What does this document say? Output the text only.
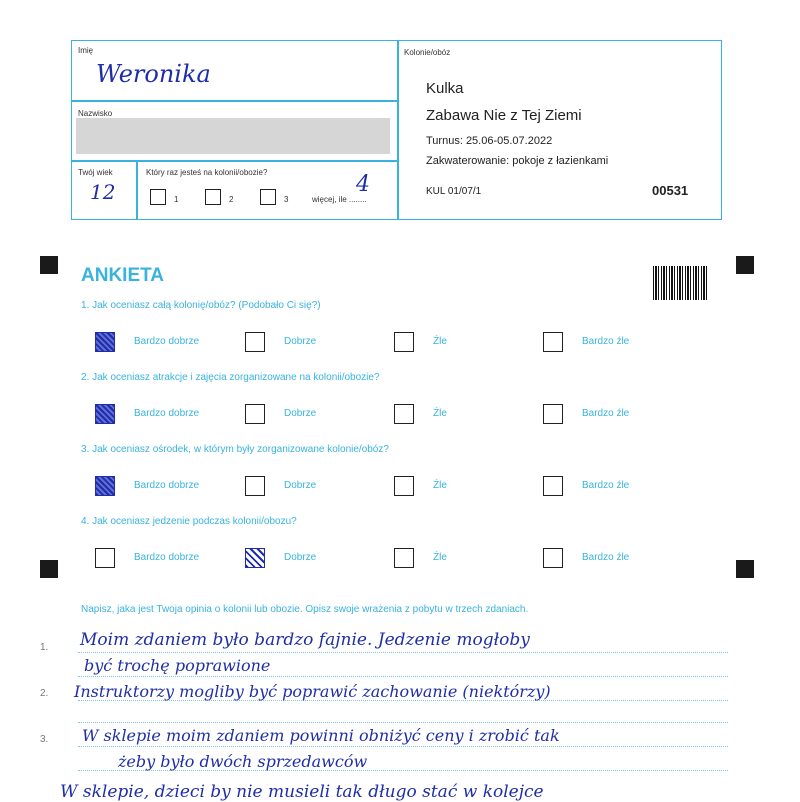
Imię
Weronika
Nazwisko
Twój wiek
12
Który raz jesteś na kolonii/obozie?
1	2	3	więcej, ile ........
4
Kolonie/obóz
Kulka
Zabawa Nie z Tej Ziemi
Turnus: 25.06-05.07.2022
Zakwaterowanie: pokoje z łazienkami
KUL 01/07/1	00531
ANKIETA
1. Jak oceniasz całą kolonię/obóz? (Podobało Ci się?)
Bardzo dobrze	Dobrze	Źle	Bardzo źle
2. Jak oceniasz atrakcje i zajęcia zorganizowane na kolonii/obozie?
Bardzo dobrze	Dobrze	Źle	Bardzo źle
3. Jak oceniasz ośrodek, w którym były zorganizowane kolonie/obóz?
Bardzo dobrze	Dobrze	Źle	Bardzo źle
4. Jak oceniasz jedzenie podczas kolonii/obozu?
Bardzo dobrze	Dobrze	Źle	Bardzo źle
Napisz, jaka jest Twoja opinia o kolonii lub obozie. Opisz swoje wrażenia z pobytu w trzech zdaniach.
1.
2.
3.
Moim zdaniem było bardzo fajnie. Jedzenie mogłoby
być trochę poprawione
Instruktorzy mogliby być poprawić zachowanie (niektórzy)
W sklepie moim zdaniem powinni obniżyć ceny i zrobić tak
żeby było dwóch sprzedawców
W sklepie, dzieci by nie musieli tak długo stać w kolejce
